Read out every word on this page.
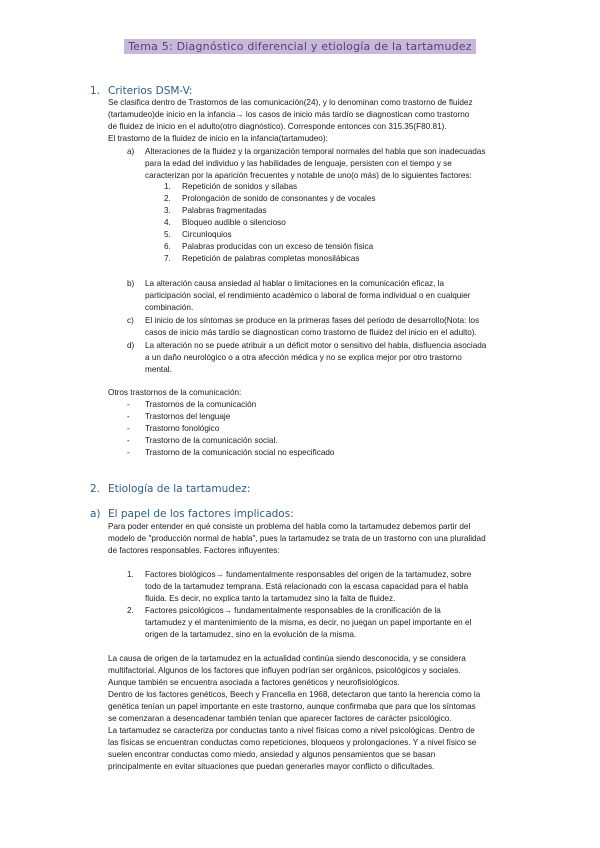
Tema 5: Diagnóstico diferencial y etiología de la tartamudez
1. Criterios DSM-V:
Se clasifica dentro de Trastornos de las comunicación(24), y lo denominan como trastorno de fluidez
(tartamudeo)de inicio en la infancia→ los casos de inicio más tardío se diagnostican como trastorno
de fluidez de inicio en el adulto(otro diagnóstico). Corresponde entonces con 315.35(F80.81).
El trastorno de la fluidez de inicio en la infancia(tartamudeo):
a) Alteraciones de la fluidez y la organización temporal normales del habla que son inadecuadas
para la edad del individuo y las habilidades de lenguaje, persisten con el tiempo y se
caracterizan por la aparición frecuentes y notable de uno(o más) de lo siguientes factores:
1. Repetición de sonidos y sílabas
2. Prolongación de sonido de consonantes y de vocales
3. Palabras fragmentadas
4. Bloqueo audible o silencioso
5. Circunloquios
6. Palabras producidas con un exceso de tensión física
7. Repetición de palabras completas monosilábicas
b) La alteración causa ansiedad al hablar o limitaciones en la comunicación eficaz, la
participación social, el rendimiento académico o laboral de forma individual o en cualquier
combinación.
c) El inicio de los síntomas se produce en la primeras fases del periodo de desarrollo(Nota: los
casos de inicio más tardío se diagnostican como trastorno de fluidez del inicio en el adulto).
d) La alteración no se puede atribuir a un déficit motor o sensitivo del habla, disfluencia asociada
a un daño neurológico o a otra afección médica y no se explica mejor por otro trastorno
mental.
Otros trastornos de la comunicación:
- Trastornos de la comunicación
- Trastornos del lenguaje
- Trastorno fonológico
- Trastorno de la comunicación social.
- Trastorno de la comunicación social no especificado
2. Etiología de la tartamudez:
a) El papel de los factores implicados:
Para poder entender en qué consiste un problema del habla como la tartamudez debemos partir del
modelo de "producción normal de habla", pues la tartamudez se trata de un trastorno con una pluralidad
de factores responsables. Factores influyentes:
1. Factores biológicos→ fundamentalmente responsables del origen de la tartamudez, sobre
todo de la tartamudez temprana. Está relacionado con la escasa capacidad para el habla
fluida. Es decir, no explica tanto la tartamudez sino la falta de fluidez.
2. Factores psicológicos→ fundamentalmente responsables de la cronificación de la
tartamudez y el mantenimiento de la misma, es decir, no juegan un papel importante en el
origen de la tartamudez, sino en la evolución de la misma.
La causa de origen de la tartamudez en la actualidad continúa siendo desconocida, y se considera
multifactorial. Algunos de los factores que influyen podrían ser orgánicos, psicológicos y sociales.
Aunque también se encuentra asociada a factores genéticos y neurofisiológicos.
Dentro de los factores genéticos, Beech y Francella en 1968, detectaron que tanto la herencia como la
genética tenían un papel importante en este trastorno, aunque confirmaba que para que los síntomas
se comenzaran a desencadenar también tenían que aparecer factores de carácter psicológico.
La tartamudez se caracteriza por conductas tanto a nivel físicas como a nivel psicológicas. Dentro de
las físicas se encuentran conductas como repeticiones, bloqueos y prolongaciones. Y a nivel físico se
suelen encontrar conductas como miedo, ansiedad y algunos pensamientos que se basan
principalmente en evitar situaciones que puedan generarles mayor conflicto o dificultades.
